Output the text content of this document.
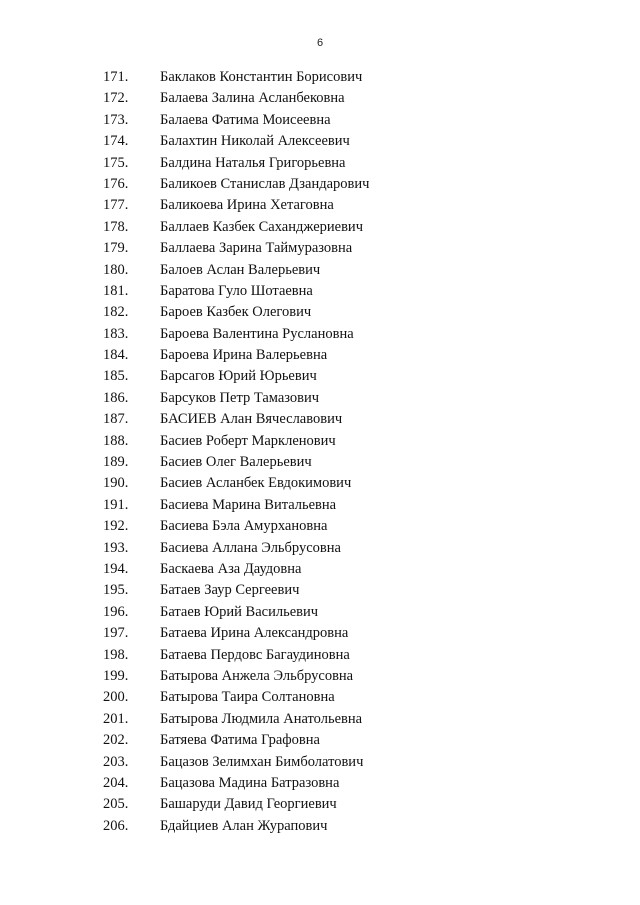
6
171. Баклаков Константин Борисович
172. Балаева Залина Асланбековна
173. Балаева Фатима Моисеевна
174. Балахтин Николай Алексеевич
175. Балдина Наталья Григорьевна
176. Баликоев Станислав Дзандарович
177. Баликоева Ирина Хетаговна
178. Баллаев Казбек Саханджериевич
179. Баллаева Зарина Таймуразовна
180. Балоев Аслан Валерьевич
181. Баратова Гуло Шотаевна
182. Бароев Казбек Олегович
183. Бароева Валентина Руслановна
184. Бароева Ирина Валерьевна
185. Барсагов Юрий Юрьевич
186. Барсуков Петр Тамазович
187. БАСИЕВ Алан Вячеславович
188. Басиев Роберт Маркленович
189. Басиев Олег Валерьевич
190. Басиев Асланбек Евдокимович
191. Басиева Марина Витальевна
192. Басиева Бэла Амурхановна
193. Басиева Аллана Эльбрусовна
194. Баскаева Аза Даудовна
195. Батаев Заур Сергеевич
196. Батаев Юрий Васильевич
197. Батаева Ирина Александровна
198. Батаева Пердовс Багаудиновна
199. Батырова Анжела Эльбрусовна
200. Батырова Таира Солтановна
201. Батырова Людмила Анатольевна
202. Батяева Фатима Графовна
203. Бацазов Зелимхан Бимболатович
204. Бацазова Мадина Батразовна
205. Башаруди Давид Георгиевич
206. Бдайциев Алан Журапович
